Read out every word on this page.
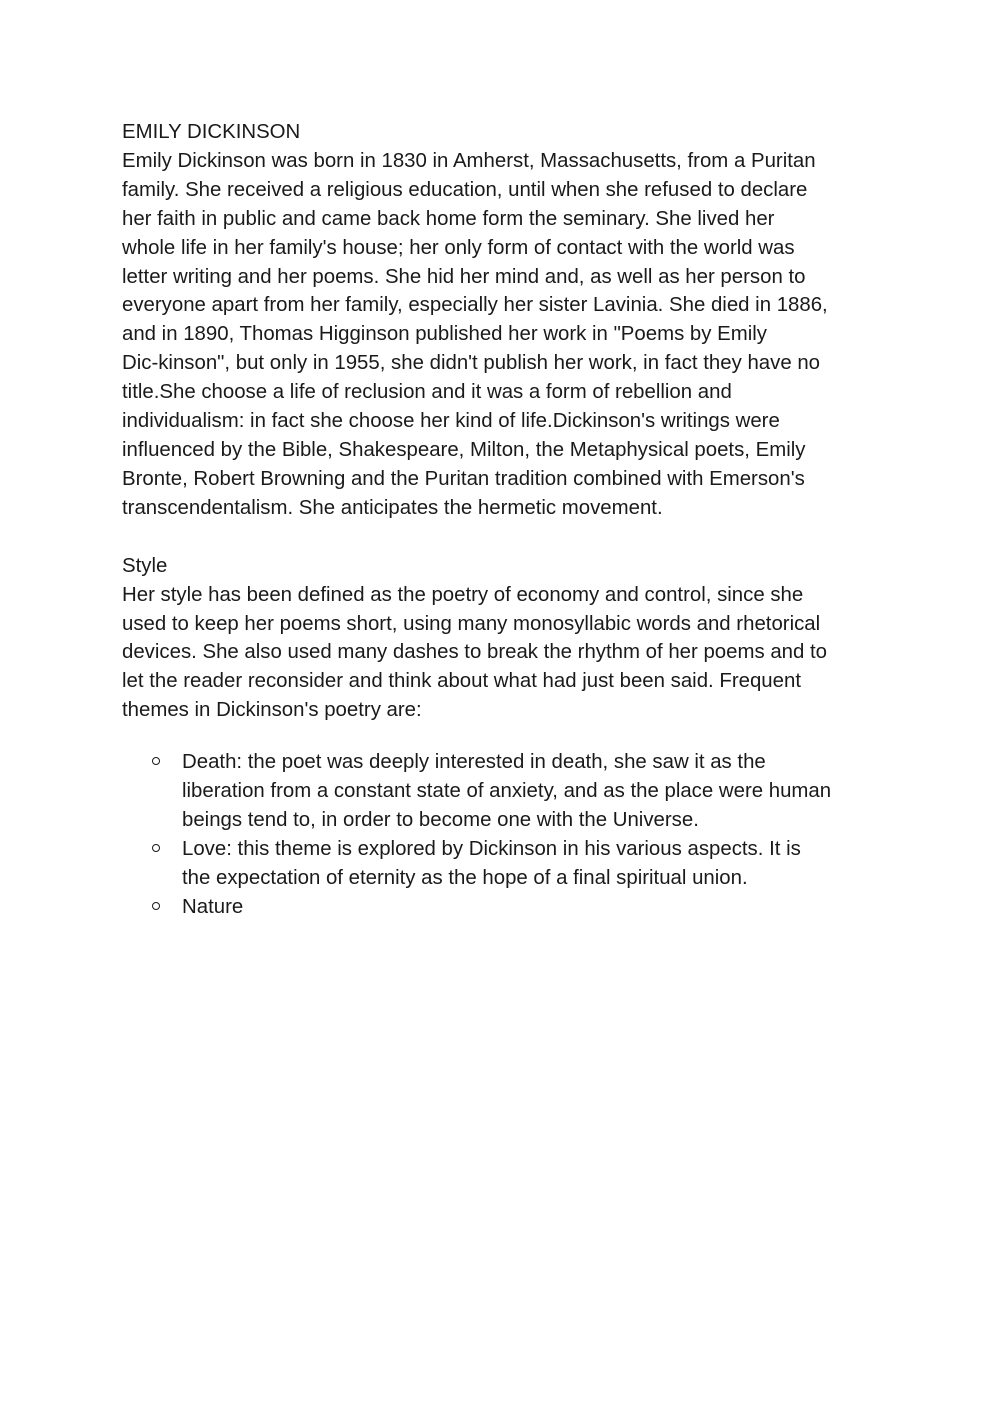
EMILY DICKINSON

Emily Dickinson was born in 1830 in Amherst, Massachusetts, from a Puritan
family. She received a religious education, until when she refused to declare
her faith in public and came back home form the seminary. She lived her
whole life in her family's house; her only form of contact with the world was
letter writing and her poems. She hid her mind and, as well as her person to
everyone apart from her family, especially her sister Lavinia. She died in 1886,
and in 1890, Thomas Higginson published her work in "Poems by Emily
Dic-kinson", but only in 1955, she didn't publish her work, in fact they have no
title.She choose a life of reclusion and it was a form of rebellion and
individualism: in fact she choose her kind of life.Dickinson's writings were
influenced by the Bible, Shakespeare, Milton, the Metaphysical poets, Emily
Bronte, Robert Browning and the Puritan tradition combined with Emerson's
transcendentalism. She anticipates the hermetic movement.

Style

Her style has been defined as the poetry of economy and control, since she
used to keep her poems short, using many monosyllabic words and rhetorical
devices. She also used many dashes to break the rhythm of her poems and to
let the reader reconsider and think about what had just been said. Frequent
themes in Dickinson's poetry are:

Death: the poet was deeply interested in death, she saw it as the
liberation from a constant state of anxiety, and as the place were human
beings tend to, in order to become one with the Universe.
Love: this theme is explored by Dickinson in his various aspects. It is
the expectation of eternity as the hope of a final spiritual union.
Nature
